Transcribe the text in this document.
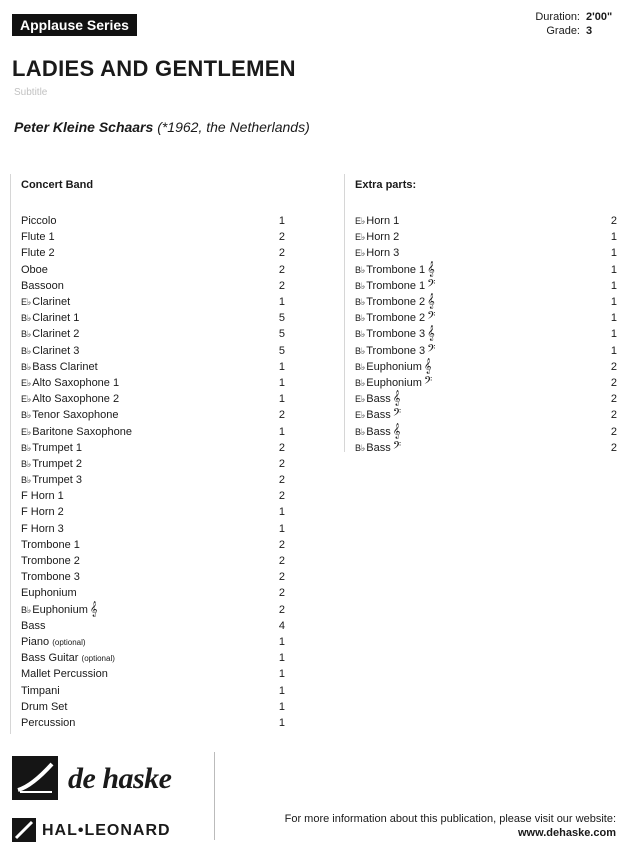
Applause Series	Duration: 2'00"
Grade: 3
LADIES AND GENTLEMEN
Subtitle
Peter Kleine Schaars (*1962, the Netherlands)
Concert Band
Piccolo	1
Flute 1	2
Flute 2	2
Oboe	2
Bassoon	2
E♭Clarinet	1
B♭Clarinet 1	5
B♭Clarinet 2	5
B♭Clarinet 3	5
B♭Bass Clarinet	1
E♭Alto Saxophone 1	1
E♭Alto Saxophone 2	1
B♭Tenor Saxophone	2
E♭Baritone Saxophone	1
B♭Trumpet 1	2
B♭Trumpet 2	2
B♭Trumpet 3	2
F Horn 1	2
F Horn 2	1
F Horn 3	1
Trombone 1	2
Trombone 2	2
Trombone 3	2
Euphonium	2
B♭Euphonium 𝄞	2
Bass	4
Piano (optional)	1
Bass Guitar (optional)	1
Mallet Percussion	1
Timpani	1
Drum Set	1
Percussion	1
Extra parts:
E♭Horn 1	2
E♭Horn 2	1
E♭Horn 3	1
B♭Trombone 1 𝄞	1
B♭Trombone 1 𝄢	1
B♭Trombone 2 𝄞	1
B♭Trombone 2 𝄢	1
B♭Trombone 3 𝄞	1
B♭Trombone 3 𝄢	1
B♭Euphonium 𝄞	2
B♭Euphonium 𝄢	2
E♭Bass 𝄞	2
E♭Bass 𝄢	2
B♭Bass 𝄞	2
B♭Bass 𝄢	2
de haske
HAL•LEONARD
For more information about this publication, please visit our website:
www.dehaske.com
